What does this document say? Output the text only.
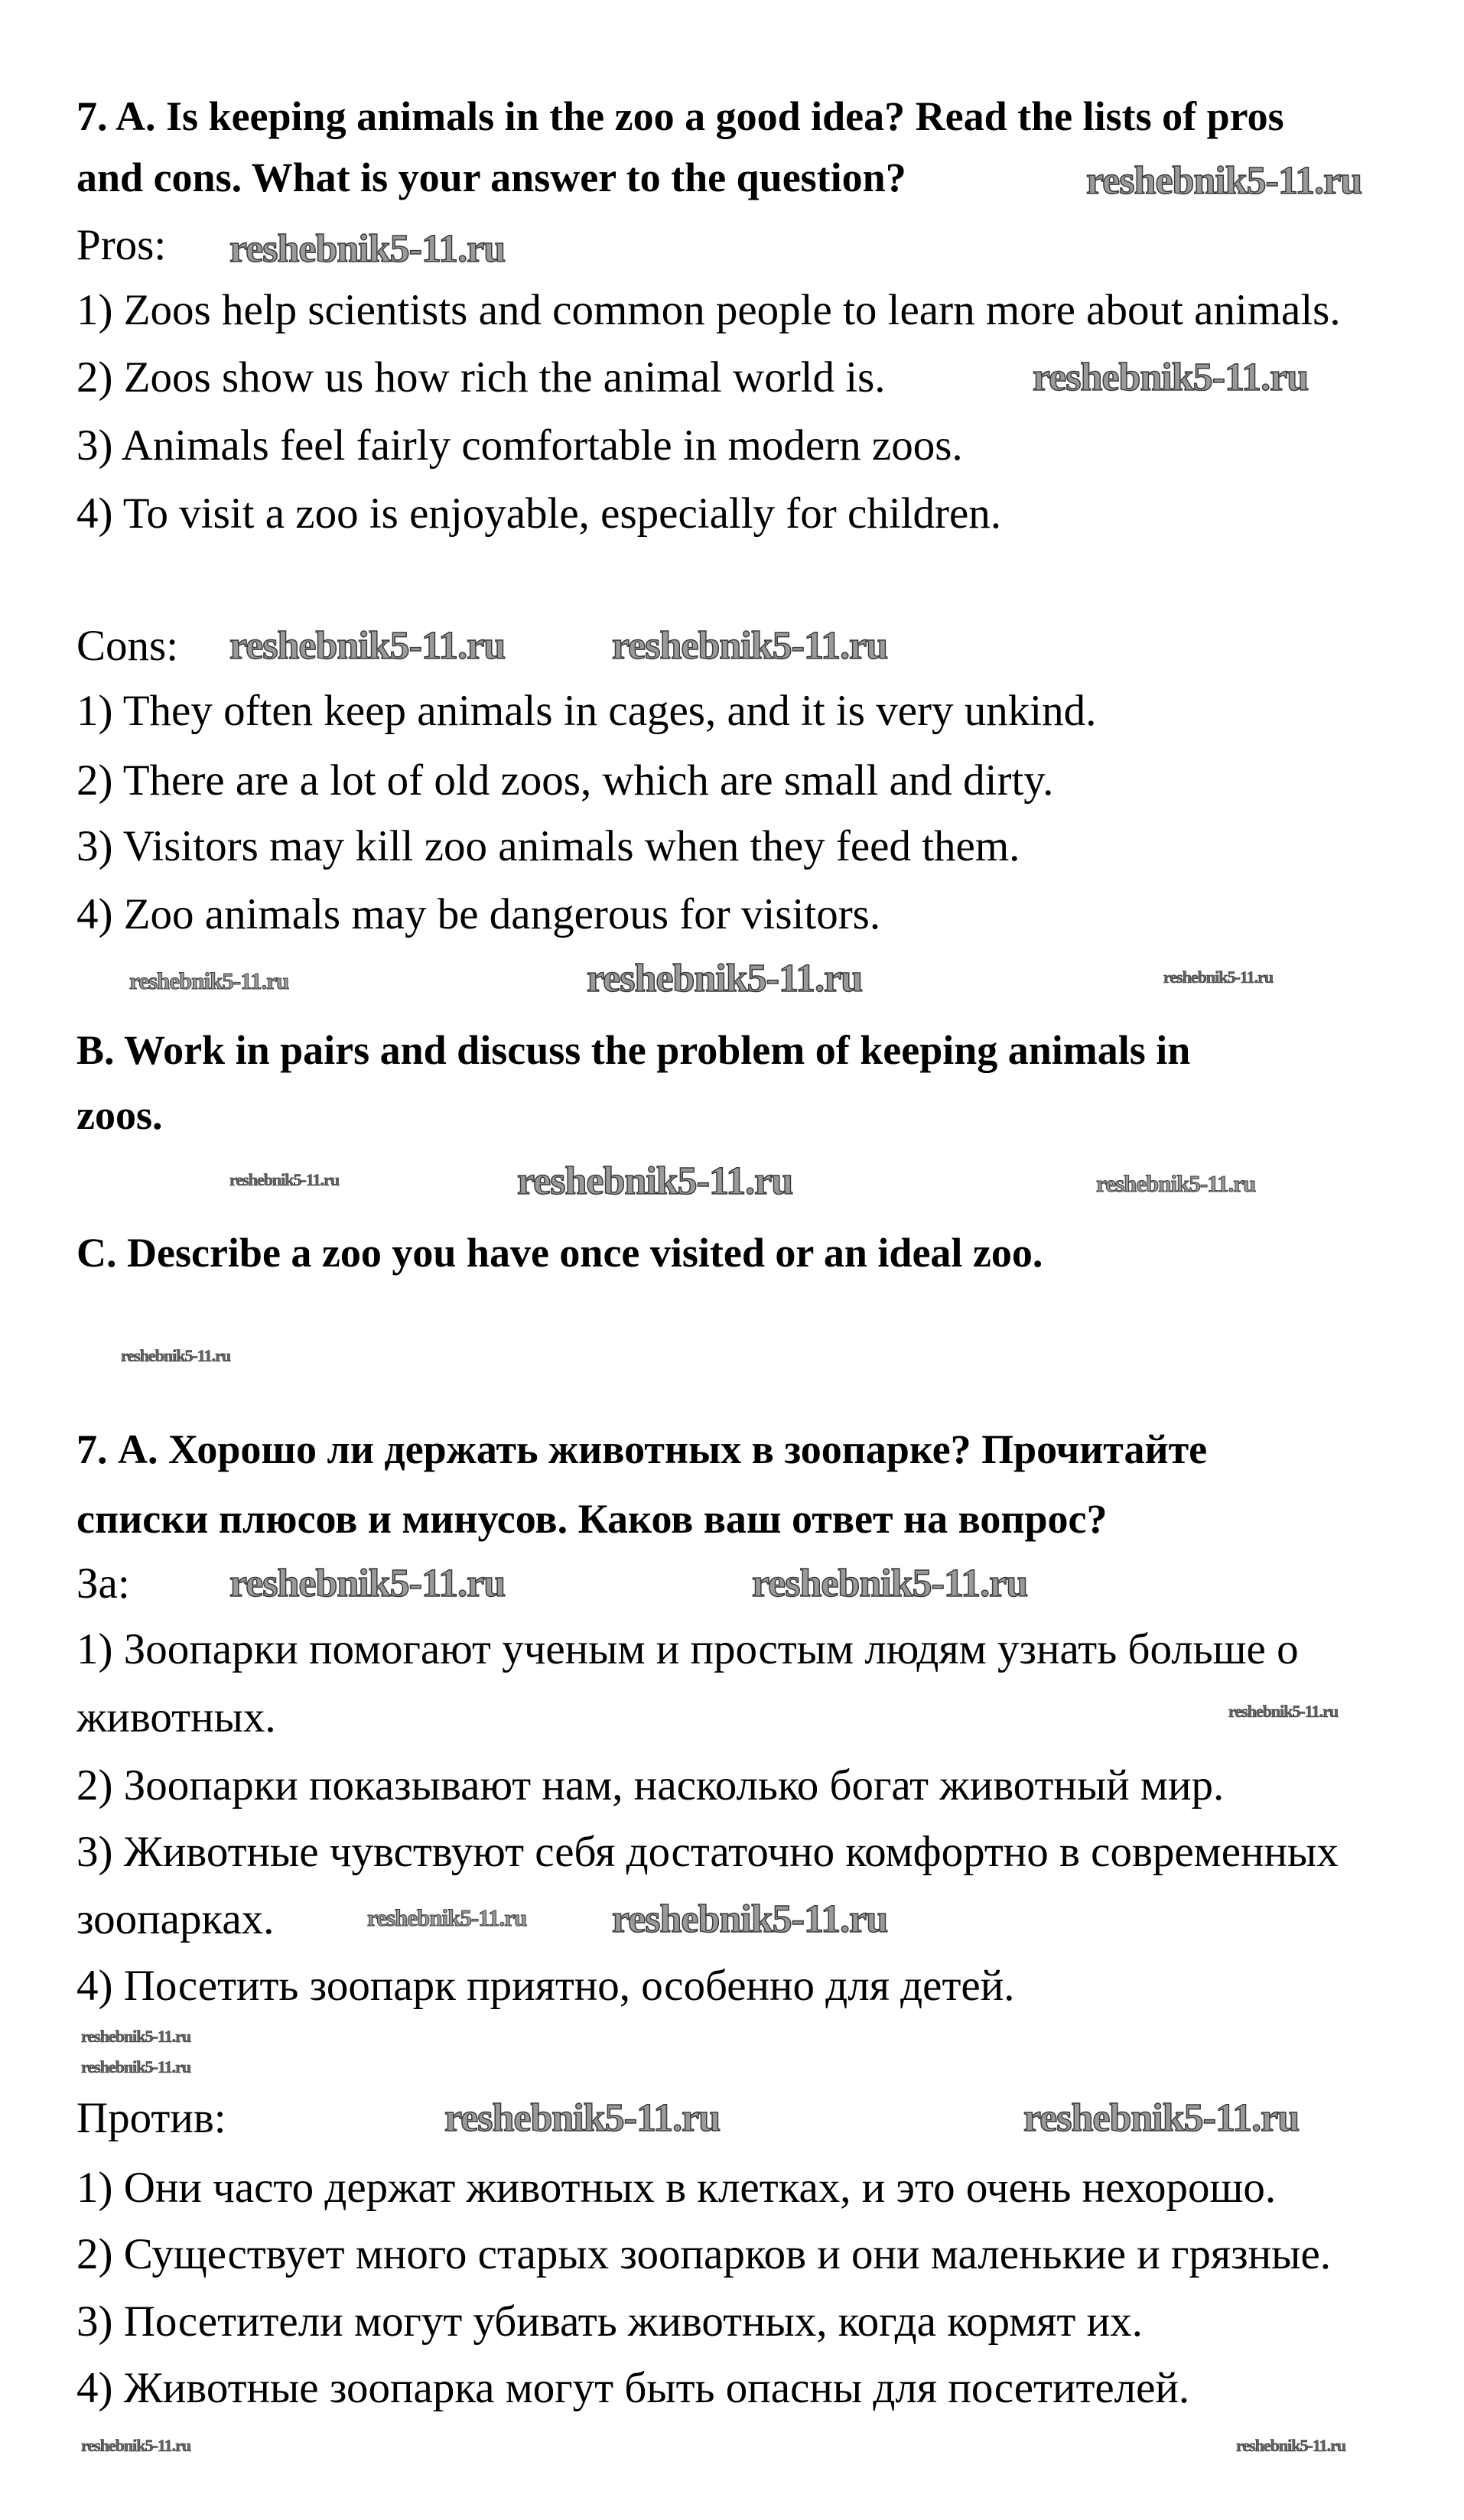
7. A. Is keeping animals in the zoo a good idea? Read the lists of pros
and cons. What is your answer to the question?
Pros:
1) Zoos help scientists and common people to learn more about animals.
2) Zoos show us how rich the animal world is.
3) Animals feel fairly comfortable in modern zoos.
4) To visit a zoo is enjoyable, especially for children.
Cons:
1) They often keep animals in cages, and it is very unkind.
2) There are a lot of old zoos, which are small and dirty.
3) Visitors may kill zoo animals when they feed them.
4) Zoo animals may be dangerous for visitors.
B. Work in pairs and discuss the problem of keeping animals in
zoos.
C. Describe a zoo you have once visited or an ideal zoo.
7. А. Хорошо ли держать животных в зоопарке? Прочитайте
списки плюсов и минусов. Каков ваш ответ на вопрос?
За:
1) Зоопарки помогают ученым и простым людям узнать больше о
животных.
2) Зоопарки показывают нам, насколько богат животный мир.
3) Животные чувствуют себя достаточно комфортно в современных
зоопарках.
4) Посетить зоопарк приятно, особенно для детей.
Против:
1) Они часто держат животных в клетках, и это очень нехорошо.
2) Существует много старых зоопарков и они маленькие и грязные.
3) Посетители могут убивать животных, когда кормят их.
4) Животные зоопарка могут быть опасны для посетителей.
reshebnik5-11.ru
reshebnik5-11.ru
reshebnik5-11.ru
reshebnik5-11.ru	reshebnik5-11.ru
reshebnik5-11.ru
reshebnik5-11.ru
reshebnik5-11.ru
reshebnik5-11.ru
reshebnik5-11.ru
reshebnik5-11.ru	reshebnik5-11.ru
reshebnik5-11.ru
reshebnik5-11.ru
reshebnik5-11.ru
reshebnik5-11.ru
reshebnik5-11.ru
reshebnik5-11.ru
reshebnik5-11.ru
reshebnik5-11.ru
reshebnik5-11.ru
reshebnik5-11.ru	reshebnik5-11.ru
